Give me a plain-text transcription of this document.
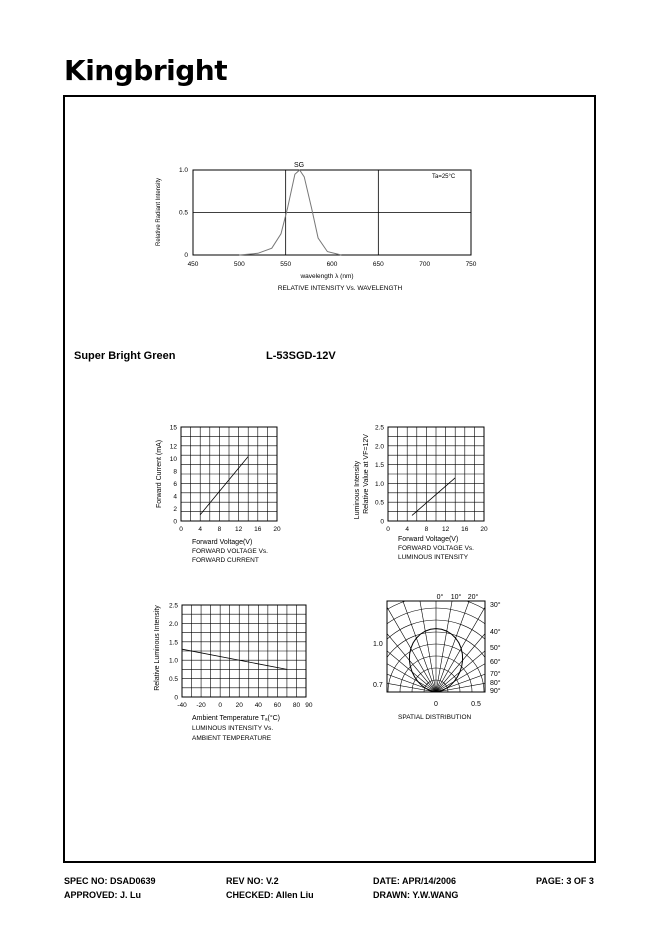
Kingbright
Super Bright Green	L-53SGD-12V
450	500	550	600	650	700	750
1.0
0.5
0
SG
Ta=25°C
wavelength λ (nm)
RELATIVE INTENSITY Vs. WAVELENGTH
Relative Radiant Intensity
0 4 8 12 16 20
15
12
10
8
6
4
2
0
Forward Current (mA)
Forward Voltage(V)
FORWARD VOLTAGE Vs.
FORWARD CURRENT
0 4 8 12 16 20
2.5
2.0
1.5
1.0
0.5
0
Luminous Intensity Relative Value at VF=12V
Forward Voltage(V)
FORWARD VOLTAGE Vs.
LUMINOUS INTENSITY
-40 -20 0 20 40 60 80 90
2.5
2.0
1.5
1.0
0.5
0
Relative Luminous Intensity
Ambient Temperature Tₐ(°C)
LUMINOUS INTENSITY Vs.
AMBIENT TEMPERATURE
0° 10° 20°
30°
40°
50°
60°
70°
80°
90°
1.0
0.7
0	0.5
SPATIAL DISTRIBUTION
SPEC NO: DSAD0639	REV NO: V.2	DATE: APR/14/2006	PAGE: 3 OF 3
APPROVED: J. Lu	CHECKED: Allen Liu	DRAWN: Y.W.WANG
